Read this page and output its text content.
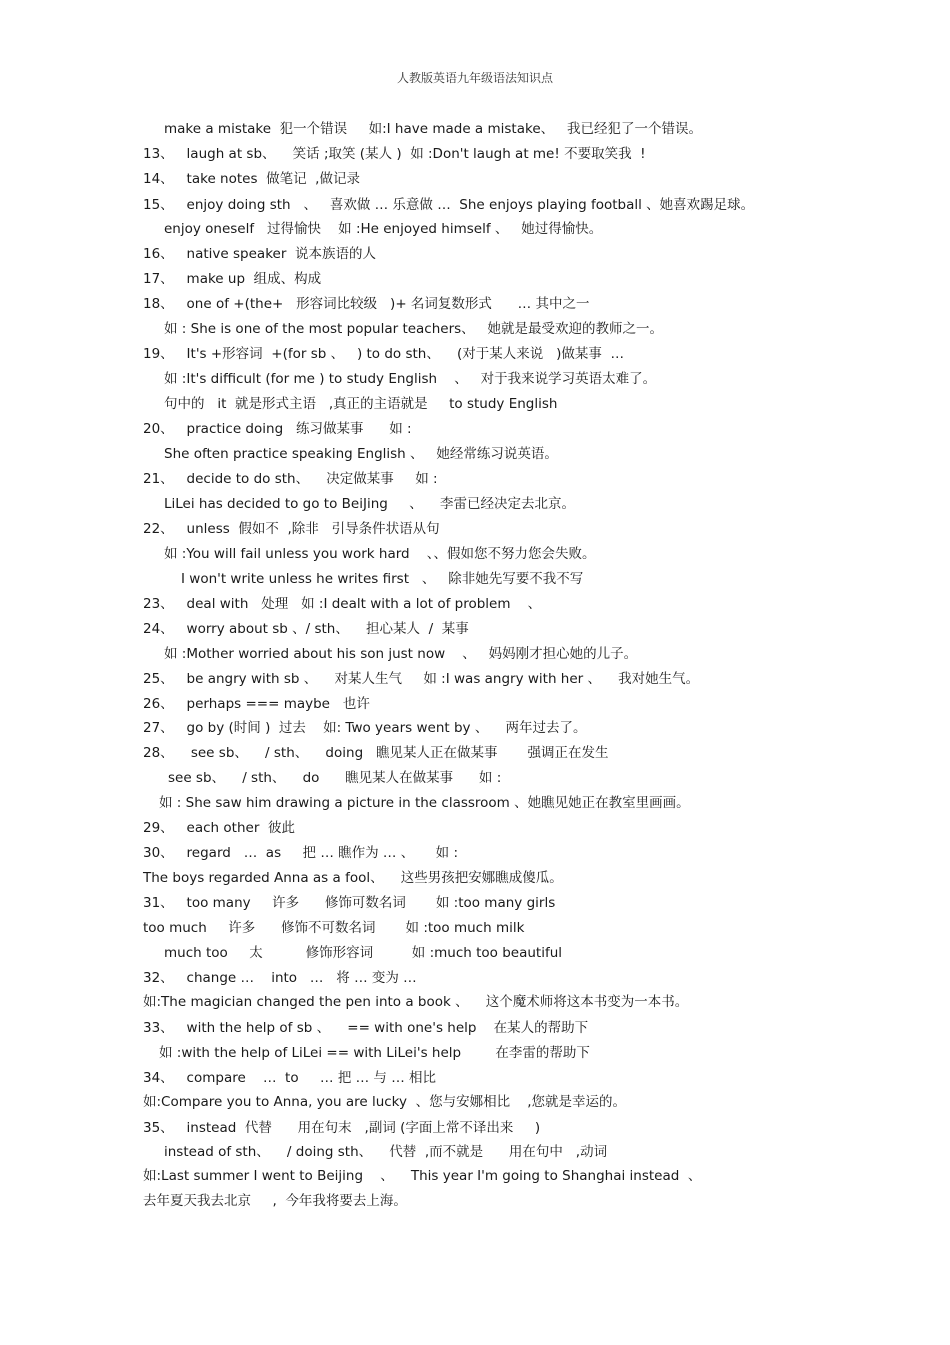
人教版英语九年级语法知识点
make a mistake  犯一个错误     如:I have made a mistake、   我已经犯了一个错误。
13、   laugh at sb、    笑话 ;取笑 (某人 )  如 :Don't laugh at me! 不要取笑我  !
14、   take notes  做笔记  ,做记录
15、   enjoy doing sth   、   喜欢做 … 乐意做 …  She enjoys playing football 、她喜欢踢足球。
enjoy oneself   过得愉快    如 :He enjoyed himself 、   她过得愉快。
16、   native speaker  说本族语的人
17、   make up  组成、构成
18、   one of +(the+   形容词比较级   )+ 名词复数形式      … 其中之一
如 : She is one of the most popular teachers、   她就是最受欢迎的教师之一。
19、   It's +形容词  +(for sb 、   ) to do sth、    (对于某人来说   )做某事  …
如 :It's difficult (for me ) to study English    、   对于我来说学习英语太难了。
句中的   it  就是形式主语   ,真正的主语就是     to study English
20、   practice doing   练习做某事      如 :
She often practice speaking English 、   她经常练习说英语。
21、   decide to do sth、    决定做某事     如 :
LiLei has decided to go to BeiJing     、    李雷已经决定去北京。
22、   unless  假如不  ,除非   引导条件状语从句
如 :You will fail unless you work hard    、、假如您不努力您会失败。
I won't write unless he writes first   、   除非她先写要不我不写
23、   deal with   处理   如 :I dealt with a lot of problem    、
24、   worry about sb 、/ sth、    担心某人  /  某事
如 :Mother worried about his son just now    、   妈妈刚才担心她的儿子。
25、   be angry with sb 、    对某人生气     如 :I was angry with her 、    我对她生气。
26、   perhaps === maybe   也许
27、   go by (时间 )  过去    如: Two years went by 、    两年过去了。
28、    see sb、    / sth、    doing   瞧见某人正在做某事       强调正在发生
see sb、    / sth、    do      瞧见某人在做某事      如 :
如 : She saw him drawing a picture in the classroom 、她瞧见她正在教室里画画。
29、   each other  彼此
30、   regard   …  as     把 … 瞧作为 … 、     如 :
The boys regarded Anna as a fool、    这些男孩把安娜瞧成傻瓜。
31、   too many     许多      修饰可数名词       如 :too many girls
too much     许多      修饰不可数名词       如 :too much milk
much too     太          修饰形容词         如 :much too beautiful
32、   change …    into   …   将 … 变为 …
如:The magician changed the pen into a book 、    这个魔术师将这本书变为一本书。
33、   with the help of sb 、    == with one's help    在某人的帮助下
如 :with the help of LiLei == with LiLei's help        在李雷的帮助下
34、   compare    …  to     … 把 … 与 … 相比
如:Compare you to Anna, you are lucky  、您与安娜相比    ,您就是幸运的。
35、   instead  代替      用在句末   ,副词 (字面上常不译出来     )
instead of sth、    / doing sth、    代替  ,而不就是      用在句中   ,动词
如:Last summer I went to Beijing    、    This year I'm going to Shanghai instead  、
去年夏天我去北京     ,  今年我将要去上海。
